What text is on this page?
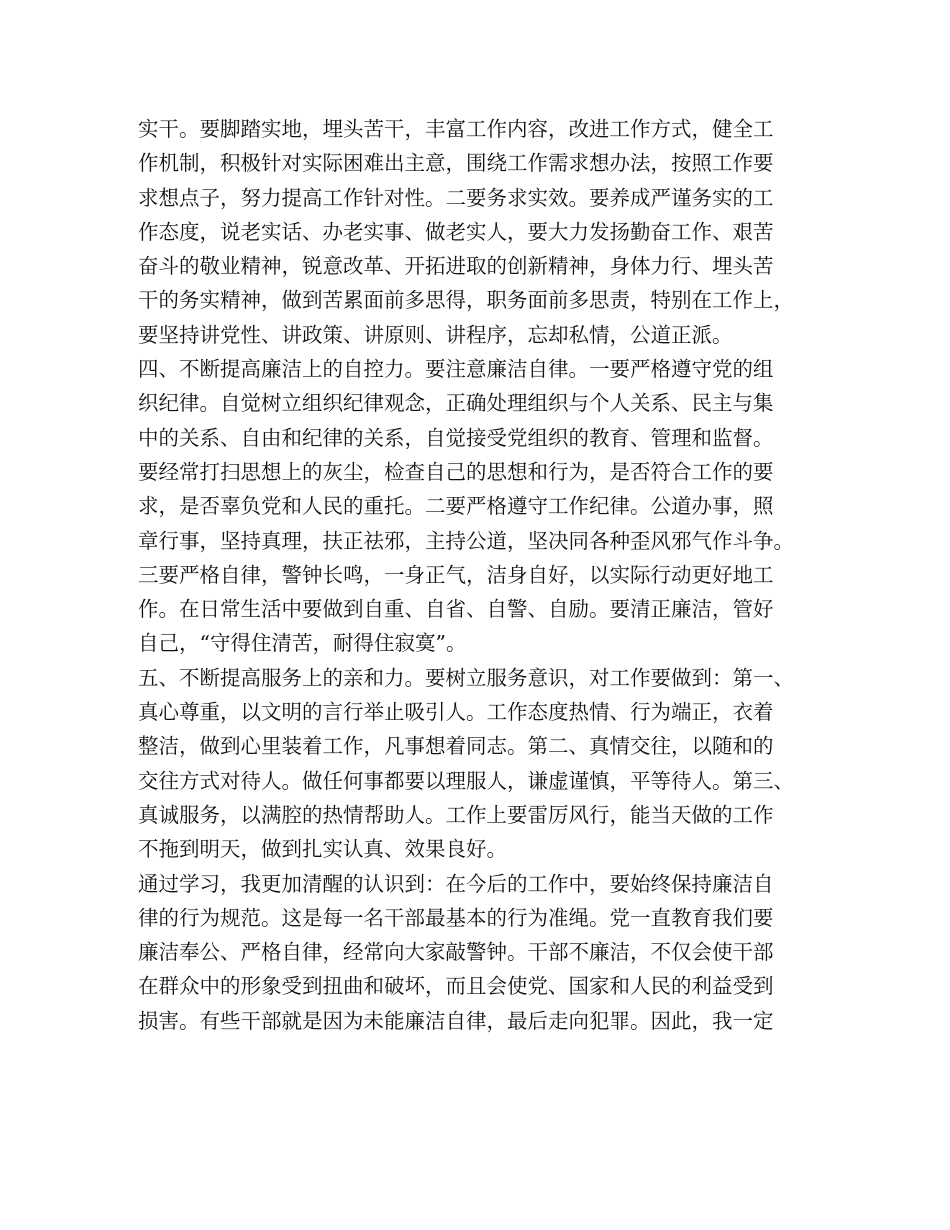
实干。要脚踏实地，埋头苦干，丰富工作内容，改进工作方式，健全工
作机制，积极针对实际困难出主意，围绕工作需求想办法，按照工作要
求想点子，努力提高工作针对性。二要务求实效。要养成严谨务实的工
作态度，说老实话、办老实事、做老实人，要大力发扬勤奋工作、艰苦
奋斗的敬业精神，锐意改革、开拓进取的创新精神，身体力行、埋头苦
干的务实精神，做到苦累面前多思得，职务面前多思责，特别在工作上，
要坚持讲党性、讲政策、讲原则、讲程序，忘却私情，公道正派。
四、不断提高廉洁上的自控力。要注意廉洁自律。一要严格遵守党的组
织纪律。自觉树立组织纪律观念，正确处理组织与个人关系、民主与集
中的关系、自由和纪律的关系，自觉接受党组织的教育、管理和监督。
要经常打扫思想上的灰尘，检查自己的思想和行为，是否符合工作的要
求，是否辜负党和人民的重托。二要严格遵守工作纪律。公道办事，照
章行事，坚持真理，扶正祛邪，主持公道，坚决同各种歪风邪气作斗争。
三要严格自律，警钟长鸣，一身正气，洁身自好，以实际行动更好地工
作。在日常生活中要做到自重、自省、自警、自励。要清正廉洁，管好
自己，“守得住清苦，耐得住寂寞”。
五、不断提高服务上的亲和力。要树立服务意识，对工作要做到：第一、
真心尊重，以文明的言行举止吸引人。工作态度热情、行为端正，衣着
整洁，做到心里装着工作，凡事想着同志。第二、真情交往，以随和的
交往方式对待人。做任何事都要以理服人，谦虚谨慎，平等待人。第三、
真诚服务，以满腔的热情帮助人。工作上要雷厉风行，能当天做的工作
不拖到明天，做到扎实认真、效果良好。
通过学习，我更加清醒的认识到：在今后的工作中，要始终保持廉洁自
律的行为规范。这是每一名干部最基本的行为准绳。党一直教育我们要
廉洁奉公、严格自律，经常向大家敲警钟。干部不廉洁，不仅会使干部
在群众中的形象受到扭曲和破坏，而且会使党、国家和人民的利益受到
损害。有些干部就是因为未能廉洁自律，最后走向犯罪。因此，我一定
